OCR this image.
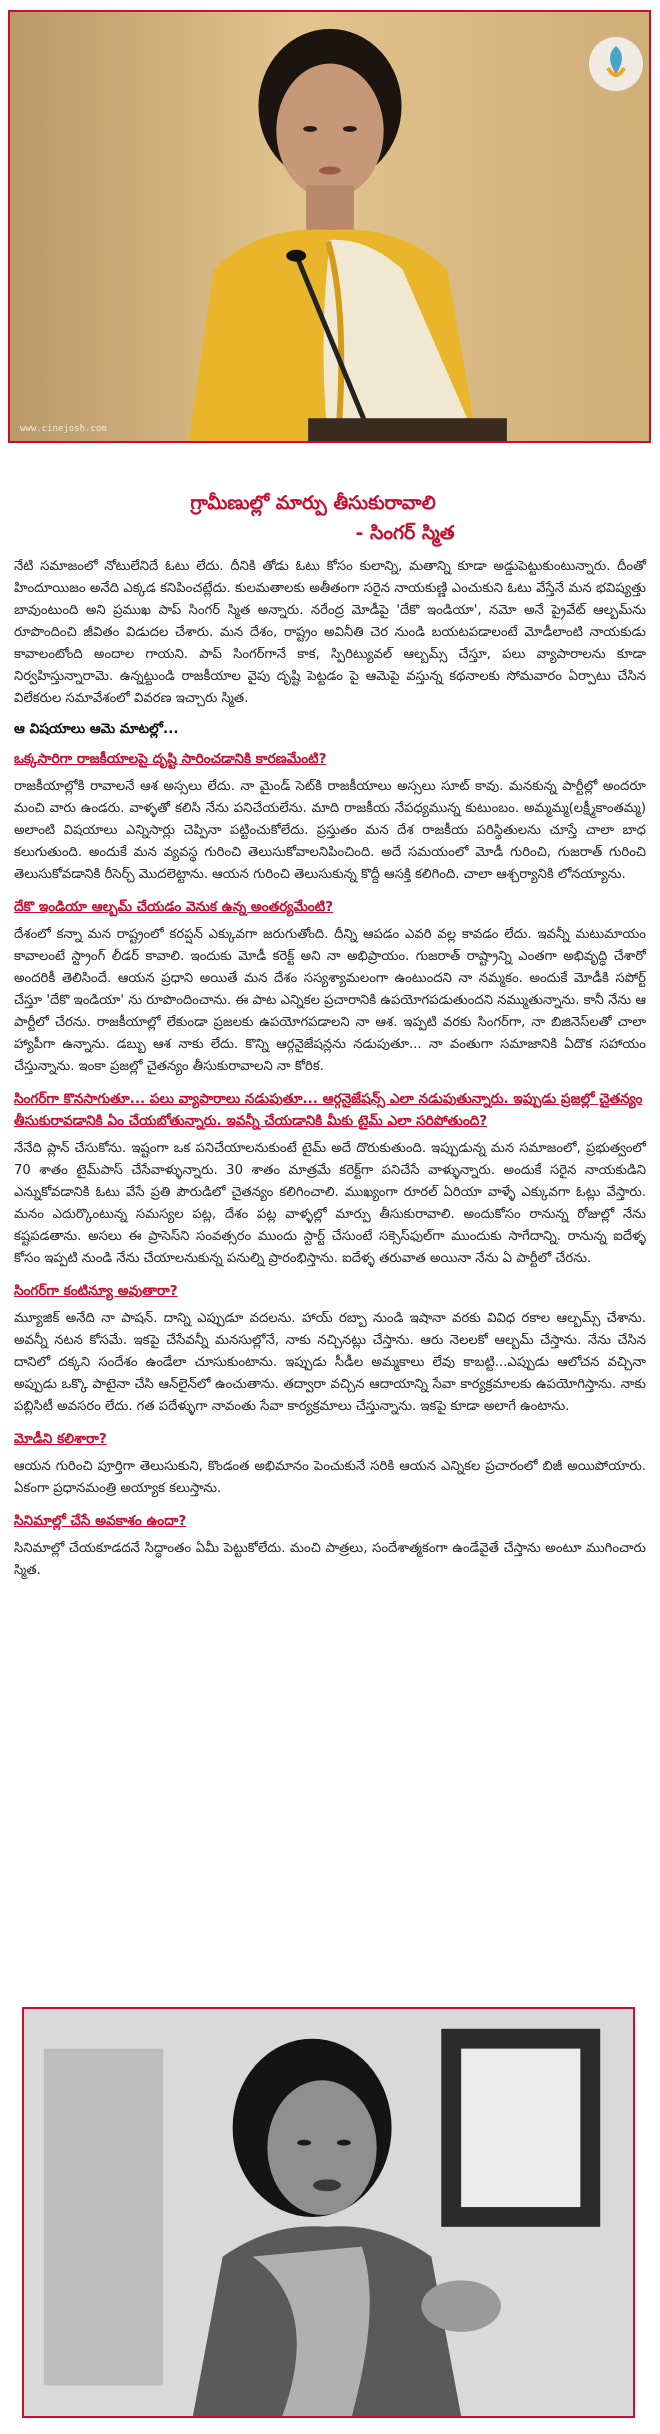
www.cinejosh.com
గ్రామీణుల్లో మార్పు తీసుకురావాలి
- సింగర్ స్మిత

నేటి సమాజంలో నోటులేనిదే ఓటు లేదు. దీనికి తోడు ఓటు కోసం కులాన్ని, మతాన్ని కూడా అడ్డుపెట్టుకుంటున్నారు. దీంతో హిందూయిజం అనేది ఎక్కడ కనిపించట్లేదు. కులమతాలకు అతీతంగా సరైన నాయకుణ్ణి ఎంచుకుని ఓటు వేస్తేనే మన భవిష్యత్తు బావుంటుంది అని ప్రముఖ పాప్ సింగర్ స్మిత అన్నారు. నరేంద్ర మోడీపై 'దేకొ ఇండియా', నమో అనే ప్రైవేట్ ఆల్బమ్‌ను రూపొందించి జీవితం విడుదల చేశారు. మన దేశం, రాష్ట్రం అవినీతి చెర నుండి బయటపడాలంటే మోడీలాంటి నాయకుడు కావాలంటోంది అందాల గాయని. పాప్ సింగర్‌గానే కాక, స్పిరిట్యువల్ ఆల్బమ్స్ చేస్తూ, పలు వ్యాపారాలను కూడా నిర్వహిస్తున్నారామె. ఉన్నట్టుండి రాజకీయాల వైపు దృష్టి పెట్టడం పై ఆమెపై వస్తున్న కథనాలకు సోమవారం ఏర్పాటు చేసిన విలేకరుల సమావేశంలో వివరణ ఇచ్చారు స్మిత.

ఆ విషయాలు ఆమె మాటల్లో...
ఒక్కసారిగా రాజకీయాలపై దృష్టి సారించడానికి కారణమేంటి?

రాజకీయాల్లోకి రావాలనే ఆశ అస్సలు లేదు. నా మైండ్ సెట్‌కి రాజకీయాలు అస్సలు సూట్ కావు. మనకున్న పార్టీల్లో అందరూ మంచి వారు ఉండరు. వాళ్ళతో కలిసి నేను పనిచేయలేను. మాది రాజకీయ నేపధ్యమున్న కుటుంబం. అమ్మమ్మ(లక్ష్మీకాంతమ్మ) అలాంటి విషయాలు ఎన్నిసార్లు చెప్పినా పట్టించుకోలేదు. ప్రస్తుతం మన దేశ రాజకీయ పరిస్థితులను చూస్తే చాలా బాధ కలుగుతుంది. అందుకే మన వ్యవస్థ గురించి తెలుసుకోవాలనిపించింది. అదే సమయంలో మోడీ గురించి, గుజరాత్ గురించి తెలుసుకోవడానికి రీసెర్చ్ మొదలెట్టాను. ఆయన గురించి తెలుసుకున్న కొద్దీ ఆసక్తి కలిగింది. చాలా ఆశ్చర్యానికి లోనయ్యాను.

దేకొ ఇండియా ఆల్బమ్ చేయడం వెనుక ఉన్న అంతర్యమేంటి?

దేశంలో కన్నా మన రాష్ట్రంలో కరప్షన్ ఎక్కువగా జరుగుతోంది. దీన్ని ఆపడం ఎవరి వల్ల కావడం లేదు. ఇవన్నీ మటుమాయం కావాలంటే స్ట్రాంగ్ లీడర్ కావాలి. ఇందుకు మోడీ కరెక్ట్ అని నా అభిప్రాయం. గుజరాత్ రాష్ట్రాన్ని ఎంతగా అభివృద్ధి చేశారో అందరికీ తెలిసిందే. ఆయన ప్రధాని అయితే మన దేశం సస్యశ్యామలంగా ఉంటుందని నా నమ్మకం. అందుకే మోడీకి సపోర్ట్ చేస్తూ 'దేకొ ఇండియా' ను రూపొందించాను. ఈ పాట ఎన్నికల ప్రచారానికి ఉపయోగపడుతుందని నమ్ముతున్నాను. కానీ నేను ఆ పార్టీలో చేరను. రాజకీయాల్లో లేకుండా ప్రజలకు ఉపయోగపడాలని నా ఆశ. ఇప్పటి వరకు సింగర్‌గా, నా బిజినెస్‌లతో చాలా హ్యాపీగా ఉన్నాను. డబ్బు ఆశ నాకు లేదు. కొన్ని ఆర్గనైజేషన్లను నడుపుతూ... నా వంతుగా సమాజానికి ఏదొక సహాయం చేస్తున్నాను. ఇంకా ప్రజల్లో చైతన్యం తీసుకురావాలని నా కోరిక.

సింగర్‌గా కొనసాగుతూ... పలు వ్యాపారాలు నడుపుతూ... ఆర్గనైజేషన్స్ ఎలా నడుపుతున్నారు. ఇప్పుడు ప్రజల్లో చైతన్యం తీసుకురావడానికి ఏం చేయబోతున్నారు. ఇవన్నీ చేయడానికి మీకు టైమ్ ఎలా సరిపోతుంది?

నేనేది ప్లాన్ చేసుకోను. ఇష్టంగా ఒక పనిచేయాలనుకుంటే టైమ్ అదే దొరుకుతుంది. ఇప్పుడున్న మన సమాజంలో, ప్రభుత్వంలో 70 శాతం టైమ్‌పాస్ చేసేవాళ్ళున్నారు. 30 శాతం మాత్రమే కరెక్ట్‌గా పనిచేసే వాళ్ళున్నారు. అందుకే సరైన నాయకుడిని ఎన్నుకోవడానికి ఓటు వేసే ప్రతి పౌరుడిలో చైతన్యం కలిగించాలి. ముఖ్యంగా రూరల్ ఏరియా వాళ్ళే ఎక్కువగా ఓట్లు వేస్తారు. మనం ఎదుర్కొంటున్న సమస్యల పట్ల, దేశం పట్ల వాళ్ళల్లో మార్పు తీసుకురావాలి. అందుకోసం రానున్న రోజుల్లో నేను కష్టపడతాను. అసలు ఈ ప్రాసెస్‌ని సంవత్సరం ముందు స్టార్ట్ చేసుంటే సక్సెస్‌ఫుల్‌గా ముందుకు సాగేదాన్ని. రానున్న ఐదేళ్ళ కోసం ఇప్పటి నుండి నేను చేయాలనుకున్న పనుల్ని ప్రారంభిస్తాను. ఐదేళ్ళ తరువాత అయినా నేను ఏ పార్టీలో చేరను.

సింగర్‌గా కంటిన్యూ అవుతారా?

మ్యూజిక్ అనేది నా పాషన్. దాన్ని ఎప్పుడూ వదలను. హాయ్ రబ్బా నుండి ఇషానా వరకు వివిధ రకాల ఆల్బమ్స్ చేశాను. అవన్నీ నటన కోసమే. ఇకపై చేసేవన్నీ మనసుల్లోనే, నాకు నచ్చినట్లు చేస్తాను. ఆరు నెలలకో ఆల్బమ్ చేస్తాను. నేను చేసిన దానిలో దక్కని సందేశం ఉండేలా చూసుకుంటాను. ఇప్పుడు సీడీల అమ్మకాలు లేవు కాబట్టి...ఎప్పుడు ఆలోచన వచ్చినా అప్పుడు ఒక్కొ పాటైనా చేసి ఆన్‌లైన్‌లో ఉంచుతాను. తద్వారా వచ్చిన ఆదాయాన్ని సేవా కార్యక్రమాలకు ఉపయోగిస్తాను. నాకు పబ్లిసిటీ అవసరం లేదు. గత పదేళ్ళుగా నావంతు సేవా కార్యక్రమాలు చేస్తున్నాను. ఇకపై కూడా అలాగే ఉంటాను.

మోడీని కలిశారా?

ఆయన గురించి పూర్తిగా తెలుసుకుని, కొండంత అభిమానం పెంచుకునే సరికి ఆయన ఎన్నికల ప్రచారంలో బిజీ అయిపోయారు. ఏకంగా ప్రధానమంత్రి అయ్యాక కలుస్తాను.

సినిమాల్లో చేసే అవకాశం ఉందా?

సినిమాల్లో చేయకూడదనే సిద్ధాంతం ఏమీ పెట్టుకోలేదు. మంచి పాత్రలు, సందేశాత్మకంగా ఉండేవైతే చేస్తాను అంటూ ముగించారు స్మిత.
